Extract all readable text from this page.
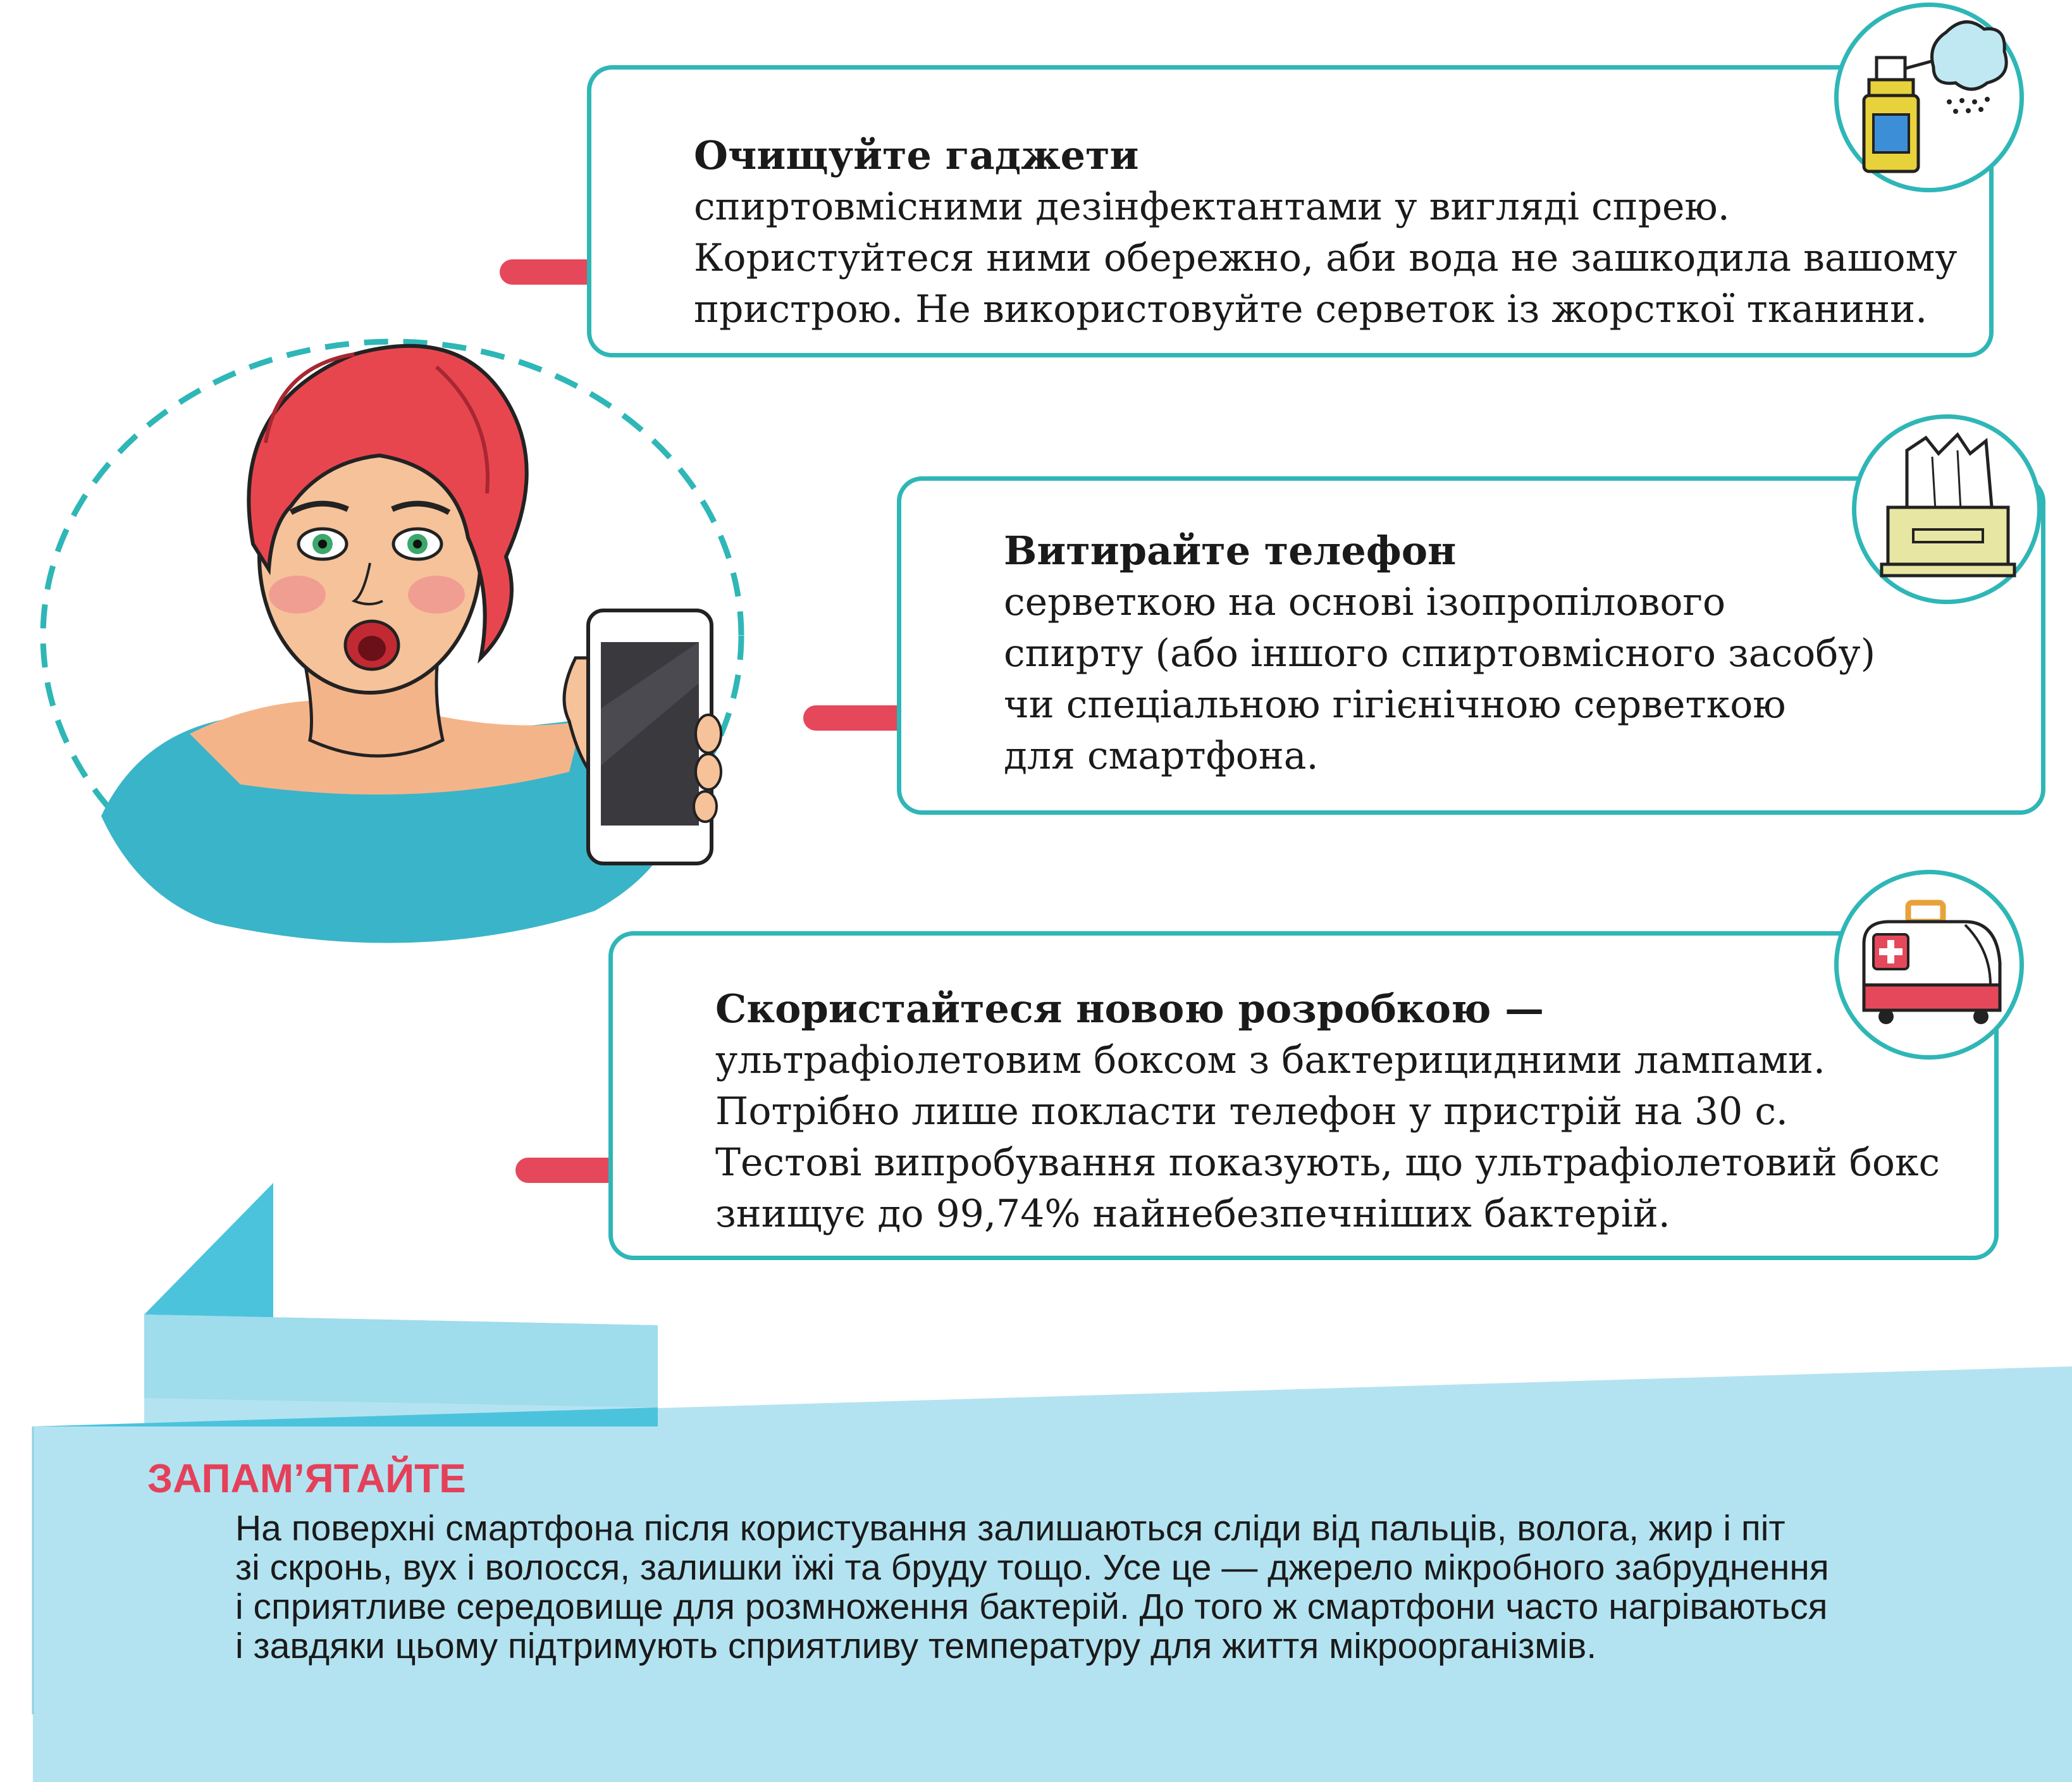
Очищуйте гаджети

спиртовмісними дезінфектантами у вигляді спрею.

Користуйтеся ними обережно, аби вода не зашкодила вашому

пристрою. Не використовуйте серветок із жорсткої тканини.

Витирайте телефон

серветкою на основі ізопропілового

спирту (або іншого спиртовмісного засобу)

чи спеціальною гігієнічною серветкою

для смартфона.

Скористайтеся новою розробкою —

ультрафіолетовим боксом з бактерицидними лампами.

Потрібно лише покласти телефон у пристрій на 30 с.

Тестові випробування показують, що ультрафіолетовий бокс

знищує до 99,74% найнебезпечніших бактерій.

ЗАПАМ’ЯТАЙТЕ

На поверхні смартфона після користування залишаються сліди від пальців, волога, жир і піт

зі скронь, вух і волосся, залишки їжі та бруду тощо. Усе це — джерело мікробного забруднення

і сприятливе середовище для розмноження бактерій. До того ж смартфони часто нагріваються

і завдяки цьому підтримують сприятливу температуру для життя мікроорганізмів.
